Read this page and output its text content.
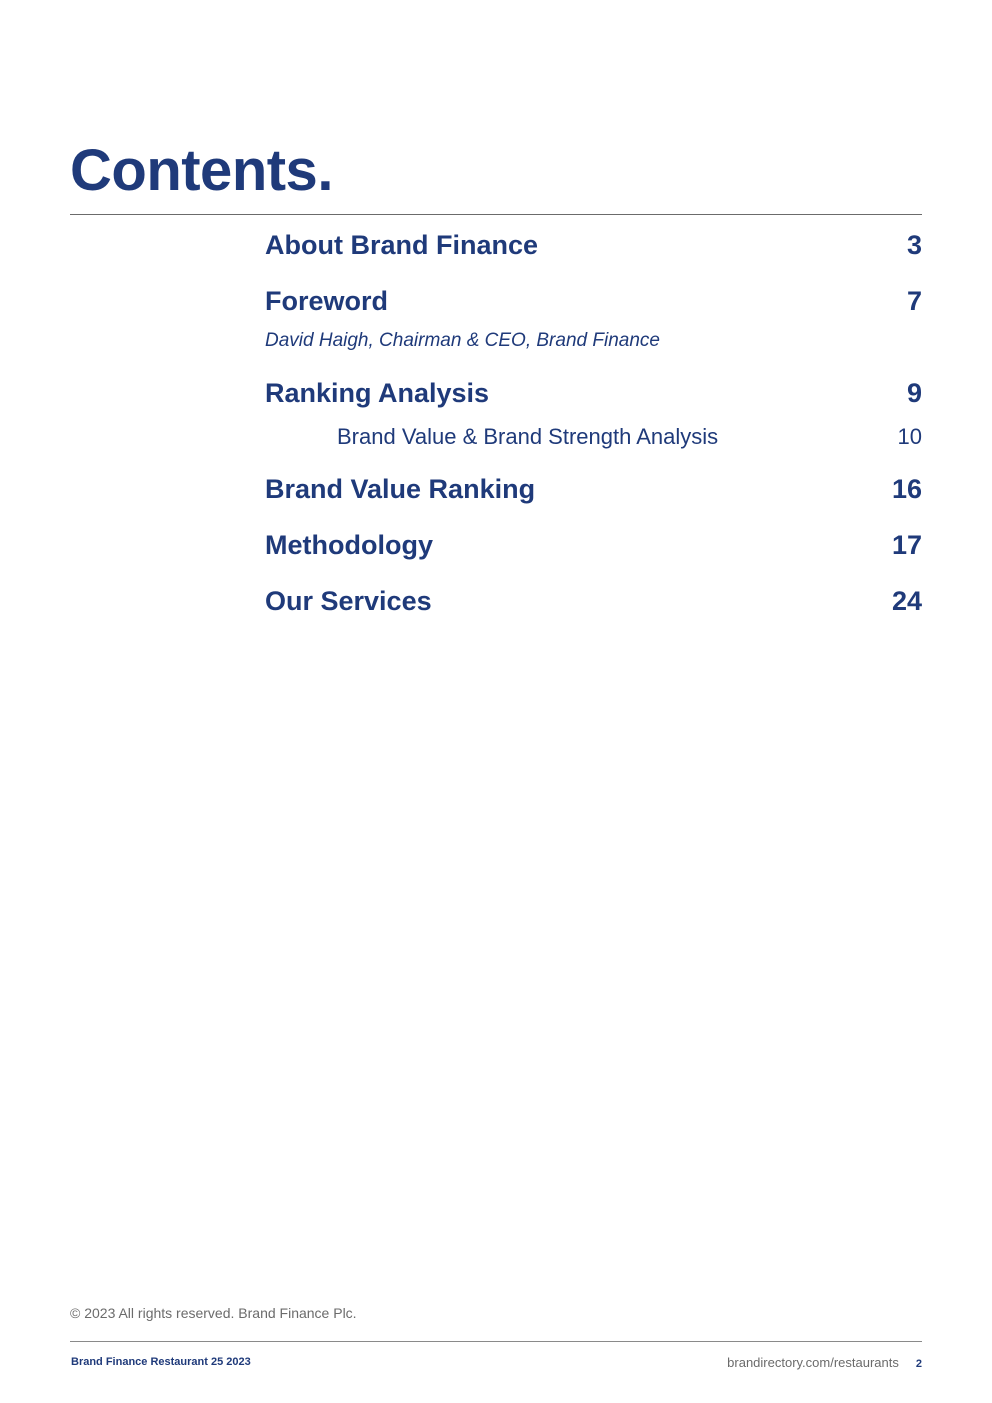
Contents.
About Brand Finance	3
Foreword	7
David Haigh, Chairman & CEO, Brand Finance
Ranking Analysis	9
Brand Value & Brand Strength Analysis	10
Brand Value Ranking	16
Methodology	17
Our Services	24
© 2023 All rights reserved. Brand Finance Plc.
Brand Finance Restaurant 25 2023	brandirectory.com/restaurants 2
